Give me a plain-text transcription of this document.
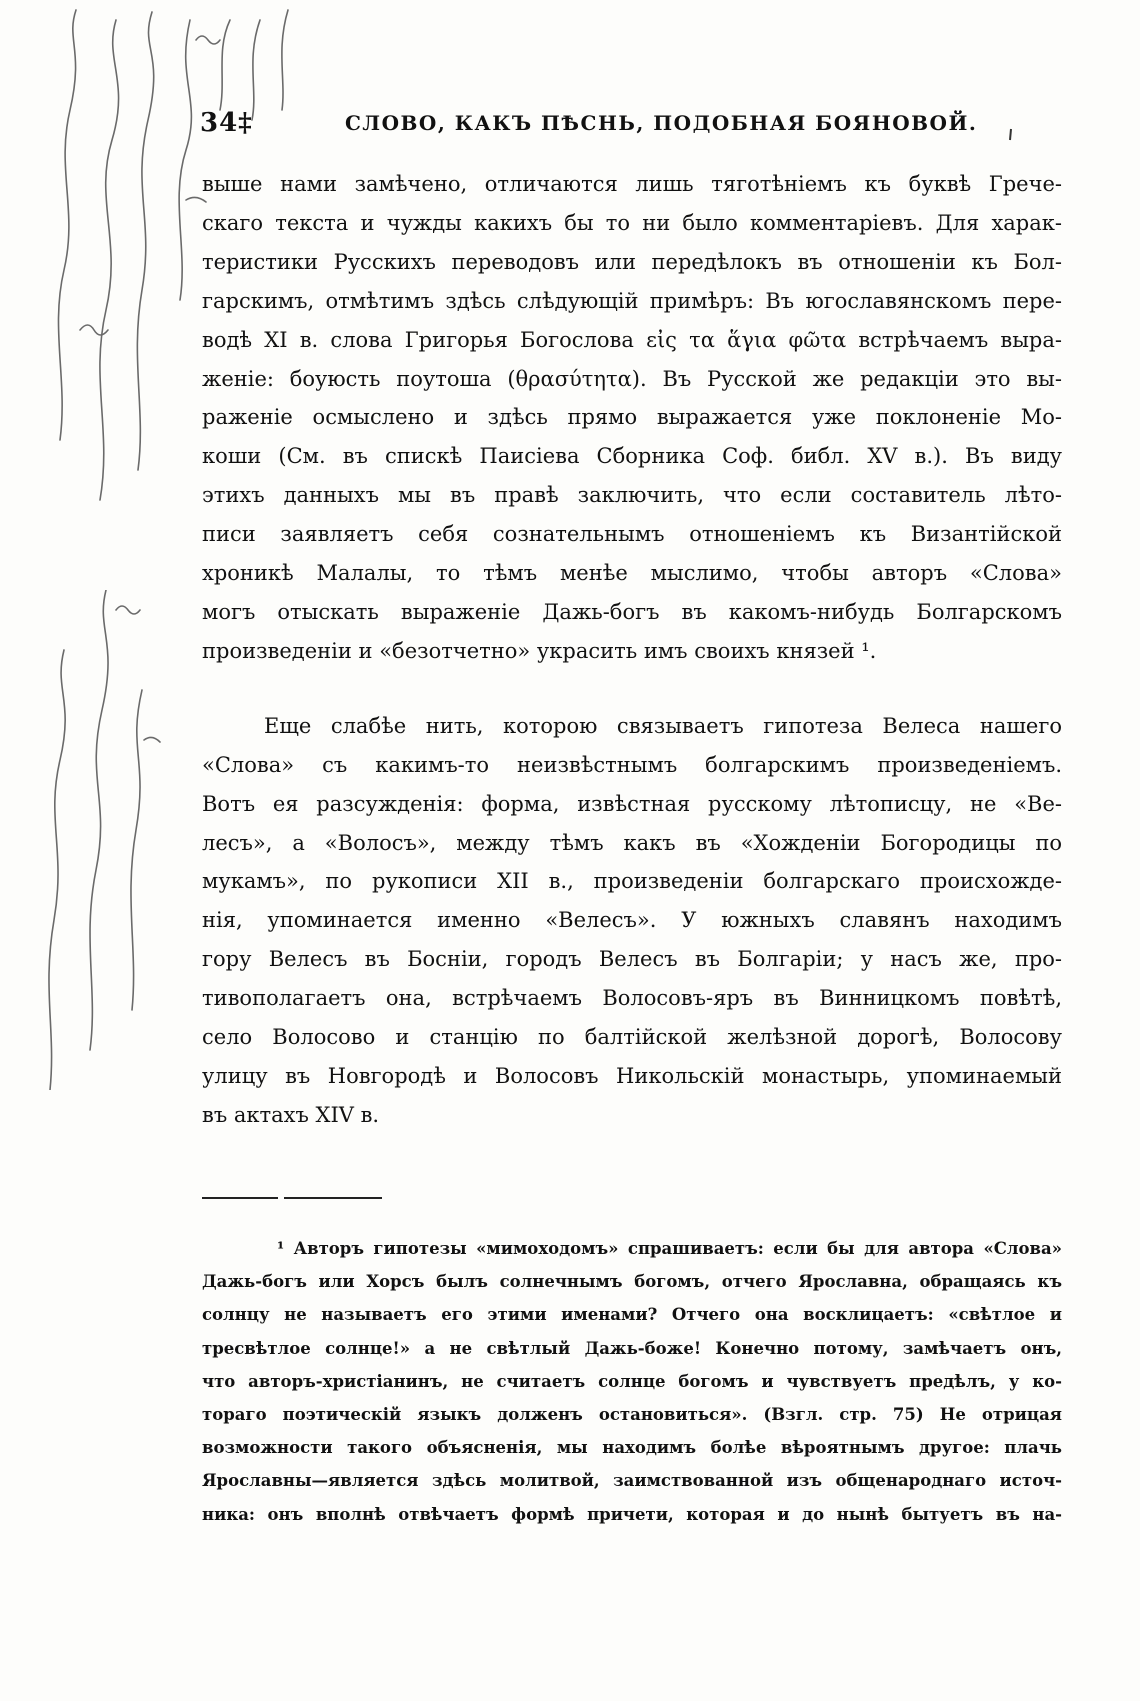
34‡	СЛОВО, КАКЪ ПѢСНЬ, ПОДОБНАЯ БОЯНОВОЙ.
выше нами замѣчено, отличаются лишь тяготѣніемъ къ буквѣ Грече-
скаго текста и чужды какихъ бы то ни было комментаріевъ. Для харак-
теристики Русскихъ переводовъ или передѣлокъ въ отношеніи къ Бол-
гарскимъ, отмѣтимъ здѣсь слѣдующій примѣръ: Въ югославянскомъ пере-
водѣ XI в. слова Григорья Богослова εἰς τα ἅγια φῶτα встрѣчаемъ выра-
женіе: боуюсть поутоша (θρασύτητα). Въ Русской же редакціи это вы-
раженіе осмыслено и здѣсь прямо выражается уже поклоненіе Мо-
коши (См. въ спискѣ Паисіева Сборника Соф. библ. XV в.). Въ виду
этихъ данныхъ мы въ правѣ заключить, что если составитель лѣто-
писи заявляетъ себя сознательнымъ отношеніемъ къ Византійской
хроникѣ Малалы, то тѣмъ менѣе мыслимо, чтобы авторъ «Слова»
могъ отыскать выраженіе Дажь-богъ въ какомъ-нибудь Болгарскомъ
произведеніи и «безотчетно» украсить имъ своихъ князей ¹.
Еще слабѣе нить, которою связываетъ гипотеза Велеса нашего
«Слова» съ какимъ-то неизвѣстнымъ болгарскимъ произведеніемъ.
Вотъ ея разсужденія: форма, извѣстная русскому лѣтописцу, не «Ве-
лесъ», а «Волосъ», между тѣмъ какъ въ «Хожденіи Богородицы по
мукамъ», по рукописи XII в., произведеніи болгарскаго происхожде-
нія, упоминается именно «Велесъ». У южныхъ славянъ находимъ
гору Велесъ въ Босніи, городъ Велесъ въ Болгаріи; у насъ же, про-
тивополагаетъ она, встрѣчаемъ Волосовъ-яръ въ Винницкомъ повѣтѣ,
село Волосово и станцію по балтійской желѣзной дорогѣ, Волосову
улицу въ Новгородѣ и Волосовъ Никольскій монастырь, упоминаемый
въ актахъ XIV в.
¹ Авторъ гипотезы «мимоходомъ» спрашиваетъ: если бы для автора «Слова»
Дажь-богъ или Хорсъ былъ солнечнымъ богомъ, отчего Ярославна, обращаясь къ
солнцу не называетъ его этими именами? Отчего она восклицаетъ: «свѣтлое и
тресвѣтлое солнце!» а не свѣтлый Дажь-боже! Конечно потому, замѣчаетъ онъ,
что авторъ-христіанинъ, не считаетъ солнце богомъ и чувствуетъ предѣлъ, у ко-
тораго поэтическій языкъ долженъ остановиться». (Взгл. стр. 75) Не отрицая
возможности такого объясненія, мы находимъ болѣе вѣроятнымъ другое: плачь
Ярославны—является здѣсь молитвой, заимствованной изъ общенароднаго источ-
ника: онъ вполнѣ отвѣчаетъ формѣ причети, которая и до нынѣ бытуетъ въ на-
